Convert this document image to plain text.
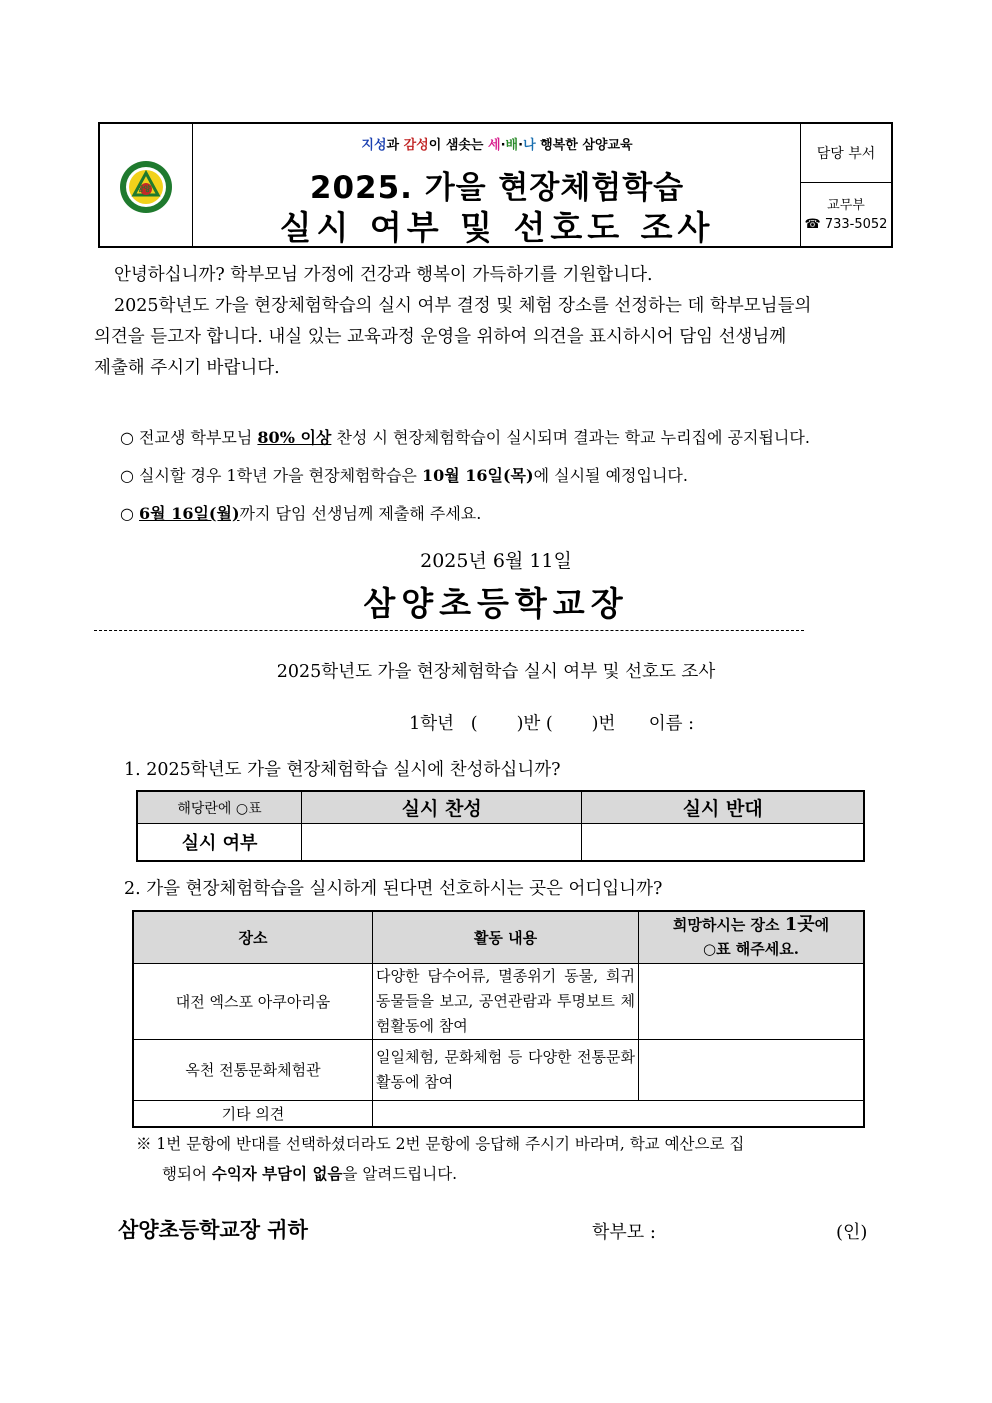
삼양
지성과 감성이 샘솟는 세·배·나 행복한 삼양교육
2025. 가을 현장체험학습
실시 여부 및 선호도 조사
담당 부서
교무부
☎ 733-5052
안녕하십니까? 학부모님 가정에 건강과 행복이 가득하기를 기원합니다.
2025학년도 가을 현장체험학습의 실시 여부 결정 및 체험 장소를 선정하는 데 학부모님들의
의견을 듣고자 합니다. 내실 있는 교육과정 운영을 위하여 의견을 표시하시어 담임 선생님께
제출해 주시기 바랍니다.
○ 전교생 학부모님 80% 이상 찬성 시 현장체험학습이 실시되며 결과는 학교 누리집에 공지됩니다.
○ 실시할 경우 1학년 가을 현장체험학습은 10월 16일(목)에 실시될 예정입니다.
○ 6월 16일(월)까지 담임 선생님께 제출해 주세요.
2025년 6월 11일
삼양초등학교장
2025학년도 가을 현장체험학습 실시 여부 및 선호도 조사

1학년 (       )반 (       )번 이름 :

1. 2025학년도 가을 현장체험학습 실시에 찬성하십니까?
해당란에 ○표	실시 찬성	실시 반대
실시 여부		
2. 가을 현장체험학습을 실시하게 된다면 선호하시는 곳은 어디입니까?
장소	활동 내용	희망하시는 장소 1곳에
○표 해주세요.
대전 엑스포 아쿠아리움	다양한 담수어류, 멸종위기 동물, 희귀동물들을 보고, 공연관람과 투명보트 체험활동에 참여	
옥천 전통문화체험관	일일체험, 문화체험 등 다양한 전통문화 활동에 참여	
기타 의견		
※ 1번 문항에 반대를 선택하셨더라도 2번 문항에 응답해 주시기 바라며, 학교 예산으로 집
행되어 수익자 부담이 없음을 알려드립니다.
삼양초등학교장 귀하	학부모 :	(인)
